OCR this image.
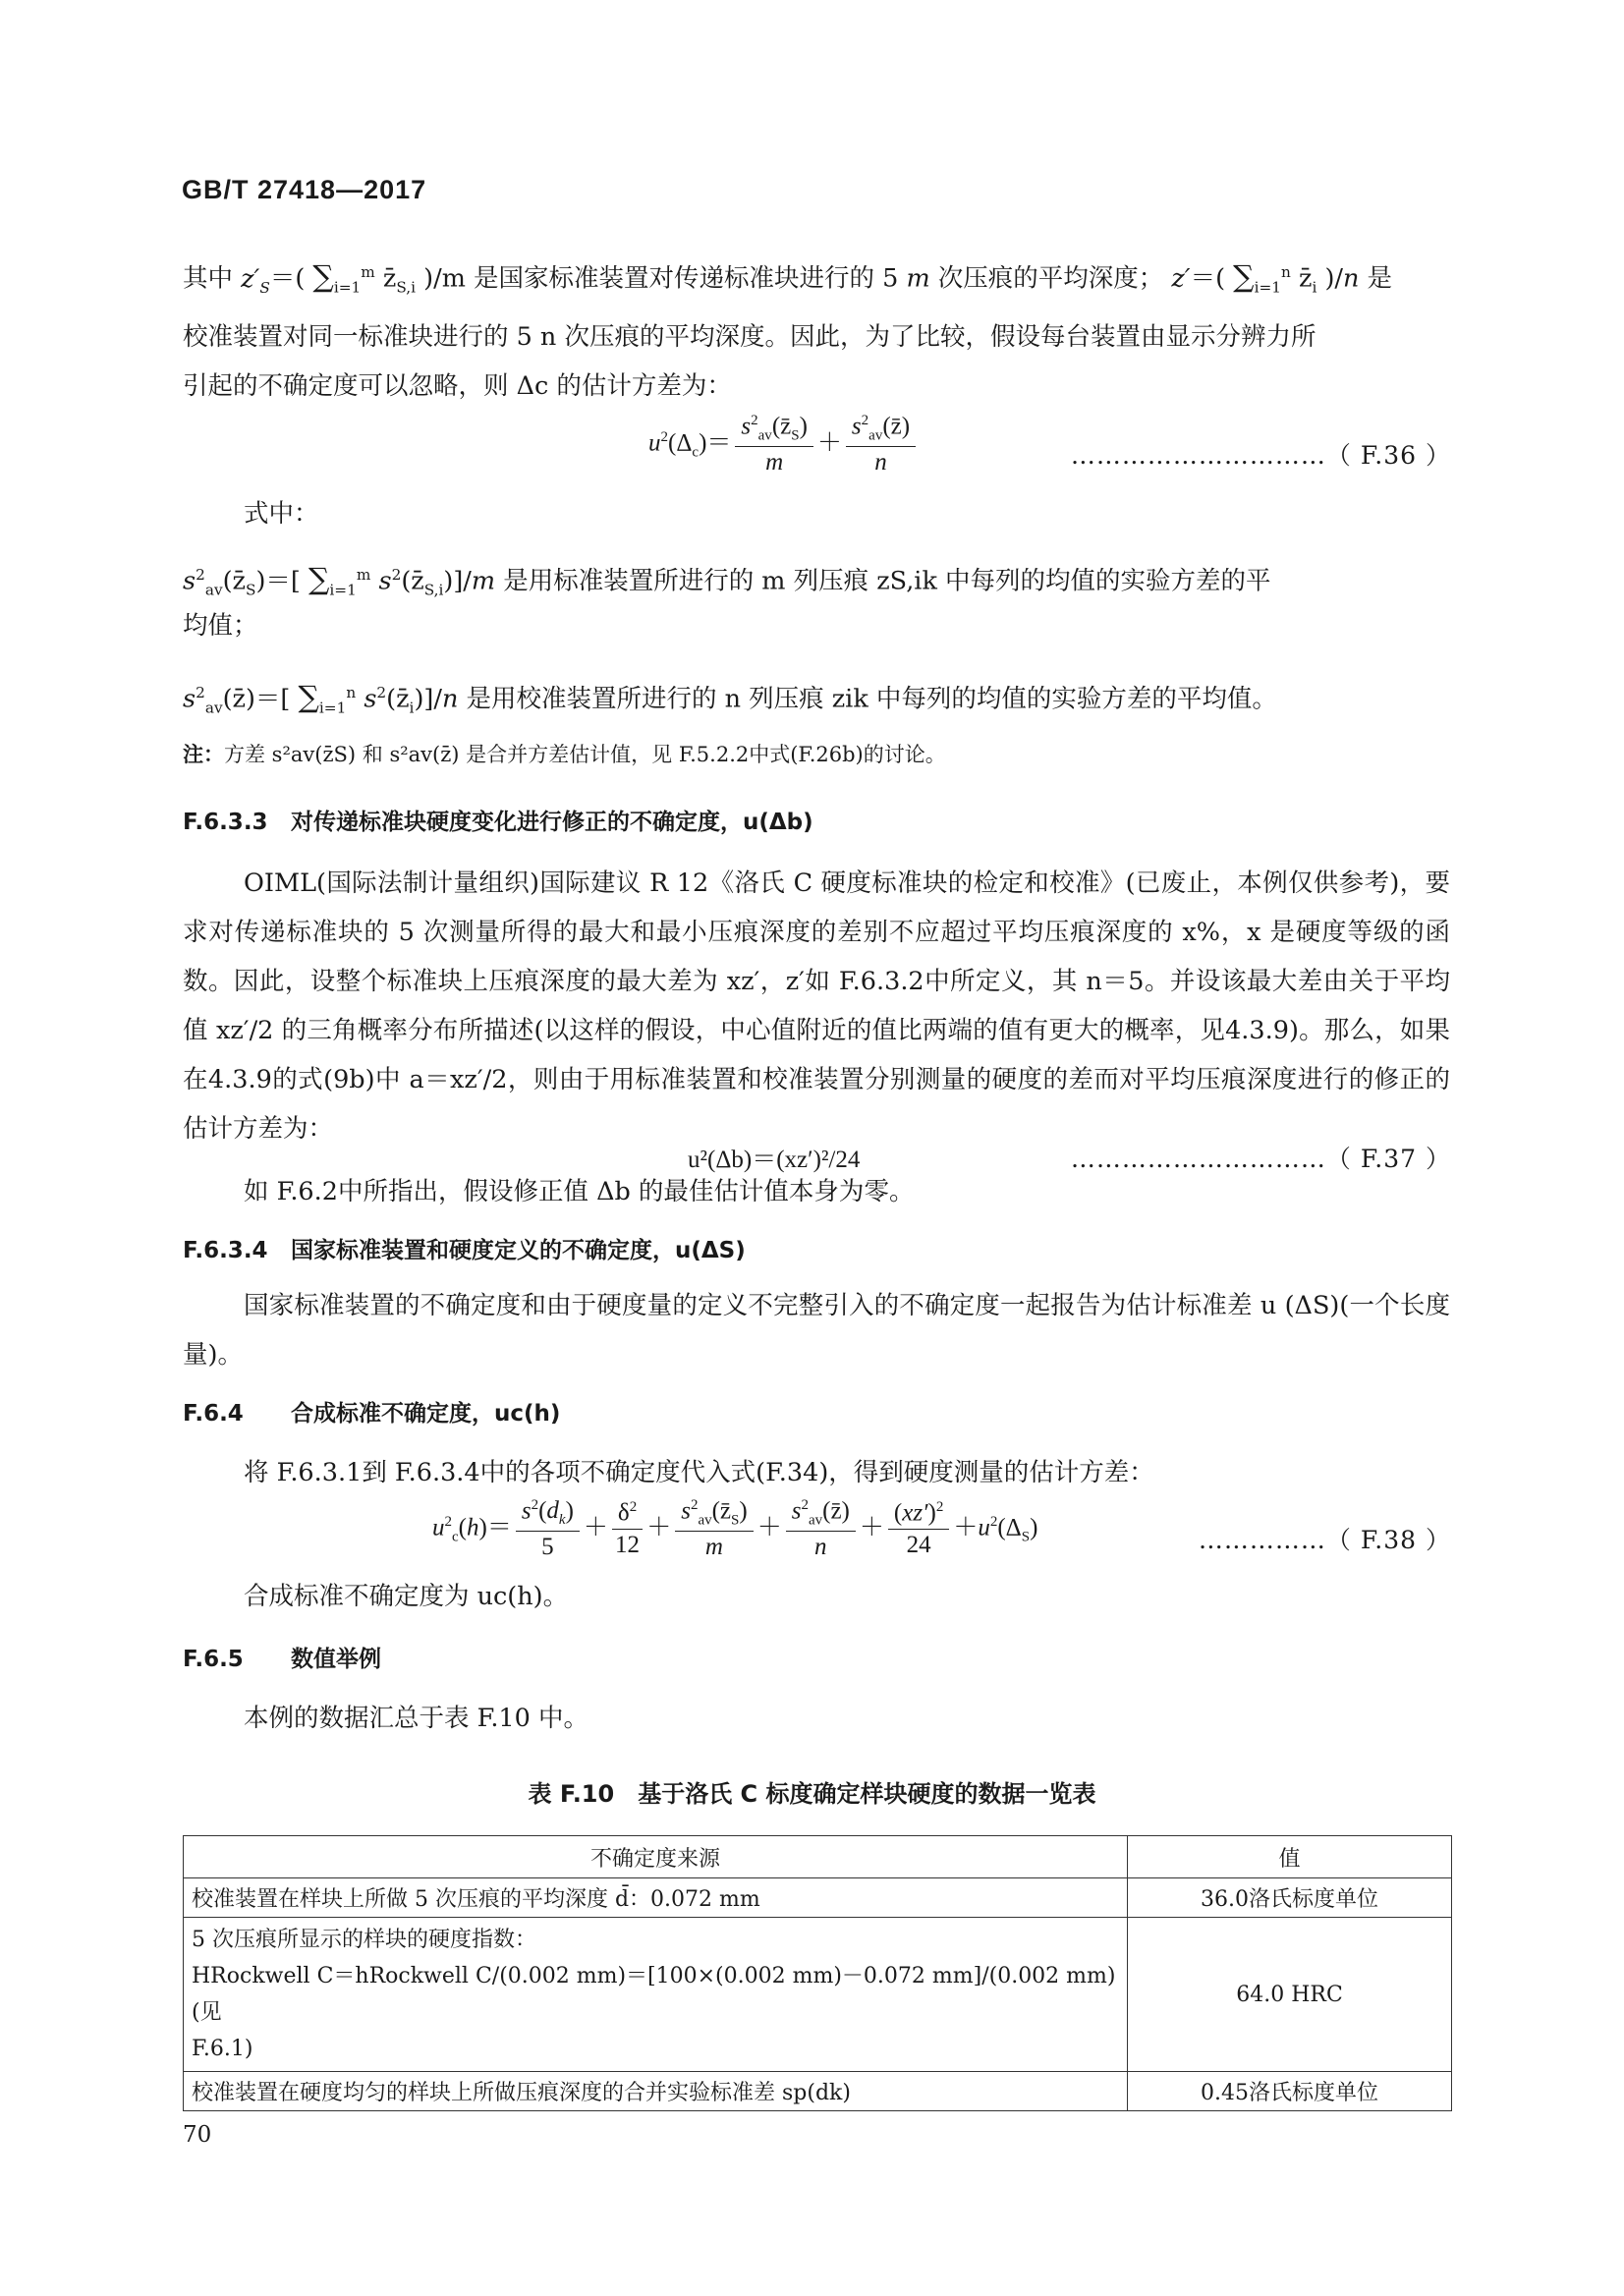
GB/T 27418—2017
其中 $z'_S=$( $\sum_{i=1}^m$ $z̄_{S,i}$ )/m 是国家标准装置对传递标准块进行的 5 m 次压痕的平均深度； z′＝( $\sum_{i=1}^n$ $z̄_i$ )/n 是
校准装置对同一标准块进行的 5 n 次压痕的平均深度。因此，为了比较，假设每台装置由显示分辨力所
引起的不确定度可以忽略，则 Δc 的估计方差为：
$u^2(\Delta_c)= \frac{s^2_{av}(z̄_S)}{m} + \frac{s^2_{av}(z̄)}{n}$	…………………………（ F.36 ）
式中：
$s^2_{av}(z̄_S)=$[ $\sum_{i=1}^m$ $s^2(z̄_{S,i})]/m$ 是用标准装置所进行的 m 列压痕 zS,ik 中每列的均值的实验方差的平
均值；
$s^2_{av}(z̄)=$[ $\sum_{i=1}^n$ $s^2(z̄_i)]/n$ 是用校准装置所进行的 n 列压痕 zik 中每列的均值的实验方差的平均值。
注：方差 s²av(z̄S) 和 s²av(z̄) 是合并方差估计值，见 F.5.2.2中式(F.26b)的讨论。
F.6.3.3 对传递标准块硬度变化进行修正的不确定度，u(Δb)
OIML(国际法制计量组织)国际建议 R 12《洛氏 C 硬度标准块的检定和校准》(已废止，本例仅供参考)，要求对传递标准块的 5 次测量所得的最大和最小压痕深度的差别不应超过平均压痕深度的 x%，x 是硬度等级的函数。因此，设整个标准块上压痕深度的最大差为 xz′，z′如 F.6.3.2中所定义，其 n＝5。并设该最大差由关于平均值 xz′/2 的三角概率分布所描述(以这样的假设，中心值附近的值比两端的值有更大的概率，见4.3.9)。那么，如果在4.3.9的式(9b)中 a＝xz′/2，则由于用标准装置和校准装置分别测量的硬度的差而对平均压痕深度进行的修正的估计方差为：
u²(Δb)＝(xz′)²/24	…………………………（ F.37 ）
如 F.6.2中所指出，假设修正值 Δb 的最佳估计值本身为零。
F.6.3.4 国家标准装置和硬度定义的不确定度，u(ΔS)
国家标准装置的不确定度和由于硬度量的定义不完整引入的不确定度一起报告为估计标准差 u (ΔS)(一个长度量)。
F.6.4 合成标准不确定度，uc(h)
将 F.6.3.1到 F.6.3.4中的各项不确定度代入式(F.34)，得到硬度测量的估计方差：
$u^2_c(h)= \frac{s^2(d_k)}{5} + \frac{\delta^2}{12} + \frac{s^2_{av}(z̄_S)}{m} + \frac{s^2_{av}(z̄)}{n} + \frac{(xz')^2}{24} +u^2(\Delta_S)$	……………（ F.38 ）
合成标准不确定度为 uc(h)。
F.6.5 数值举例
本例的数据汇总于表 F.10 中。
表 F.10　基于洛氏 C 标度确定样块硬度的数据一览表
不确定度来源	值
校准装置在样块上所做 5 次压痕的平均深度 d̄：0.072 mm	36.0洛氏标度单位

5 次压痕所显示的样块的硬度指数：
HRockwell C＝hRockwell C/(0.002 mm)＝[100×(0.002 mm)－0.072 mm]/(0.002 mm)(见
F.6.1)	64.0 HRC
校准装置在硬度均匀的样块上所做压痕深度的合并实验标准差 sp(dk)	0.45洛氏标度单位
70
